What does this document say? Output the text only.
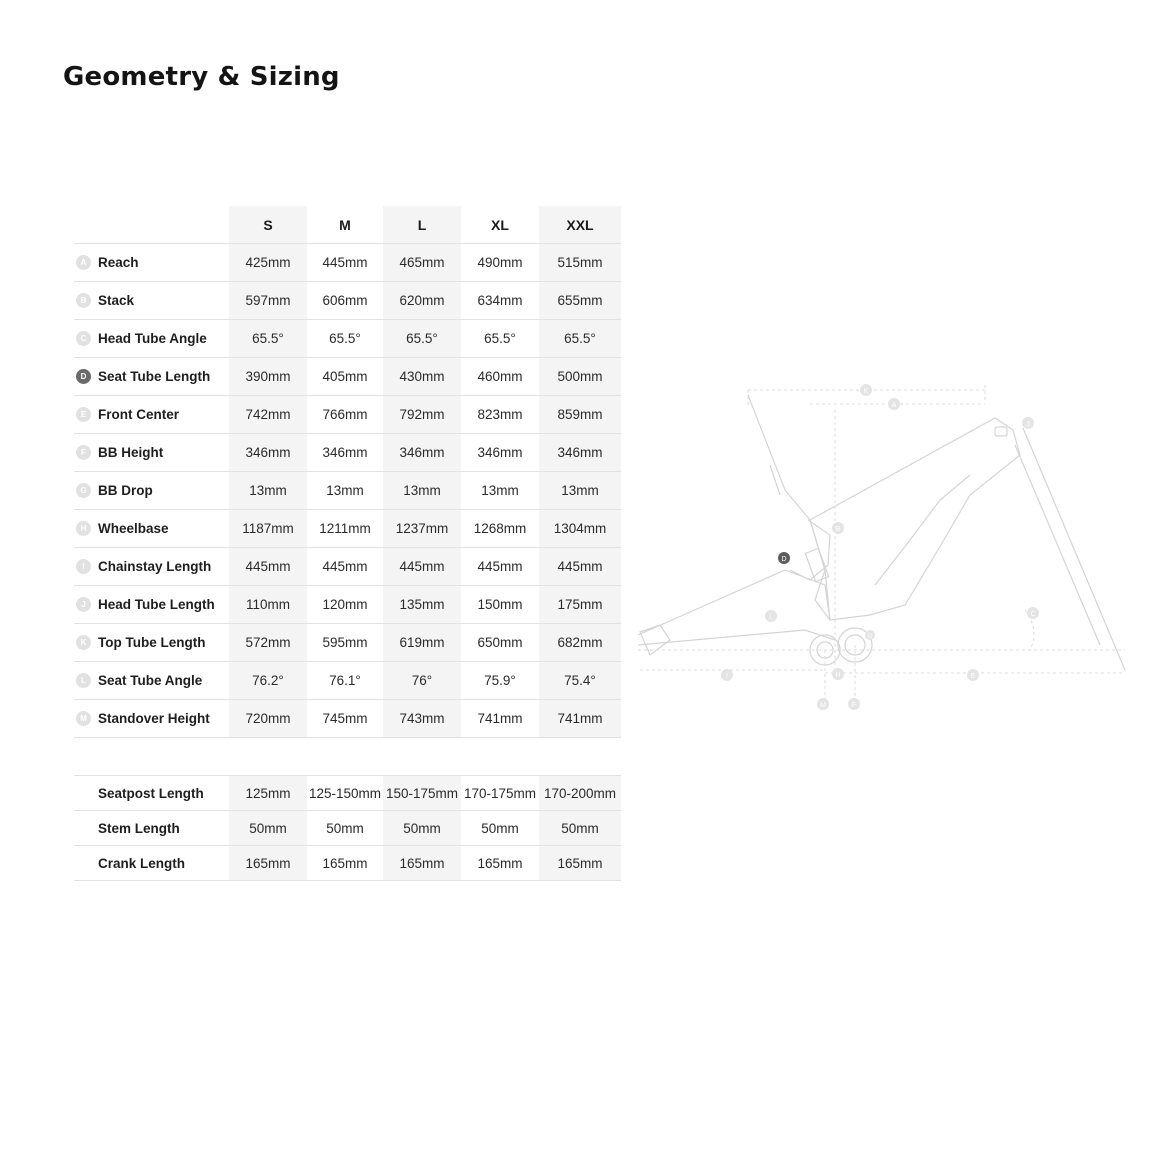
Geometry & Sizing
	S	M	L	XL	XXL

A Reach	425mm	445mm	465mm	490mm	515mm

B Stack	597mm	606mm	620mm	634mm	655mm

C Head Tube Angle	65.5°	65.5°	65.5°	65.5°	65.5°

D Seat Tube Length	390mm	405mm	430mm	460mm	500mm

E Front Center	742mm	766mm	792mm	823mm	859mm

F BB Height	346mm	346mm	346mm	346mm	346mm

G BB Drop	13mm	13mm	13mm	13mm	13mm

H Wheelbase	1187mm	1211mm	1237mm	1268mm	1304mm

I Chainstay Length	445mm	445mm	445mm	445mm	445mm

J Head Tube Length	110mm	120mm	135mm	150mm	175mm

K Top Tube Length	572mm	595mm	619mm	650mm	682mm

L Seat Tube Angle	76.2°	76.1°	76°	75.9°	75.4°

M Standover Height	720mm	745mm	743mm	741mm	741mm
Seatpost Length	125mm	125-150mm	150-175mm	170-175mm	170-200mm

Stem Length	50mm	50mm	50mm	50mm	50mm

Crank Length	165mm	165mm	165mm	165mm	165mm
K
A
J
B
D
L	C
G
I	H	E
M	F
